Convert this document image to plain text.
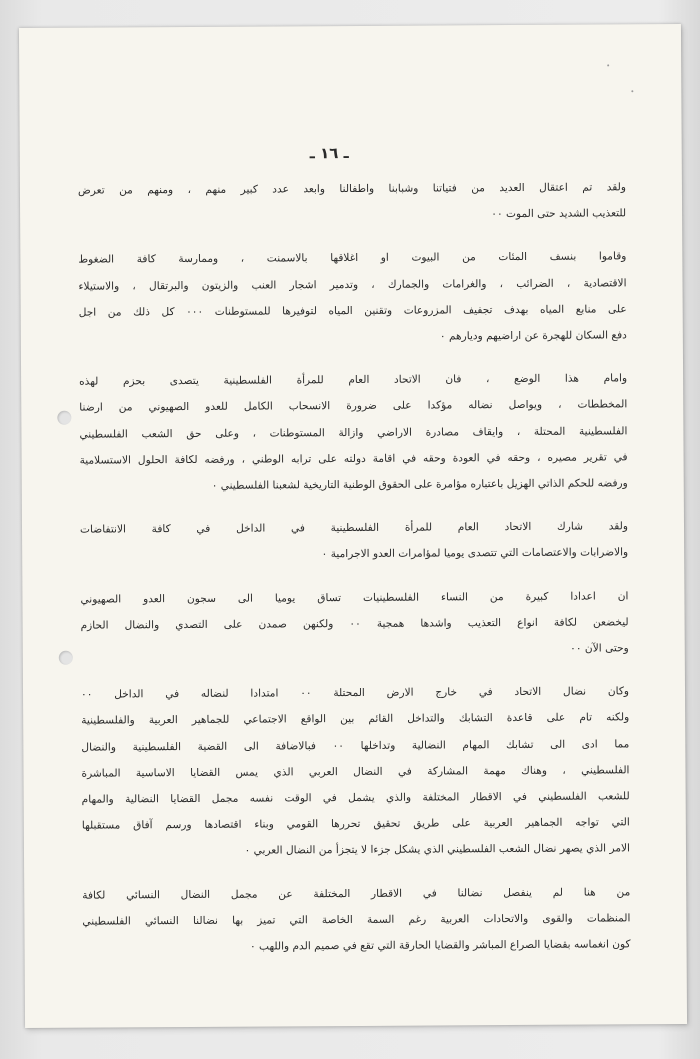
ـ ١٦ ـ
ولقد تم اعتقال العديد من فتياتنا وشبابنا واطفالنا وابعد عدد كبير منهم ، ومنهم من تعرض
للتعذيب الشديد حتى الموت ٠٠
وقاموا بنسف المئات من البيوت او اغلاقها بالاسمنت ، وممارسة كافة الضغوط
الاقتصادية ، الضرائب ، والغرامات والجمارك ، وتدمير اشجار العنب والزيتون والبرتقال ، والاستيلاء
على منابع المياه بهدف تجفيف المزروعات وتقنين المياه لتوفيرها للمستوطنات ٠٠٠ كل ذلك من اجل
دفع السكان للهجرة عن اراضيهم وديارهم ٠
وامام هذا الوضع ، فان الاتحاد العام للمرأة الفلسطينية يتصدى بحزم لهذه
المخططات ، ويواصل نضاله مؤكدا على ضرورة الانسحاب الكامل للعدو الصهيوني من ارضنا
الفلسطينية المحتلة ، وايقاف مصادرة الاراضي وازالة المستوطنات ، وعلى حق الشعب الفلسطيني
في تقرير مصيره ، وحقه في العودة وحقه في اقامة دولته على ترابه الوطني ، ورفضه لكافة الحلول الاستسلامية
ورفضه للحكم الذاتي الهزيل باعتباره مؤامرة على الحقوق الوطنية التاريخية لشعبنا الفلسطيني ٠
ولقد شارك الاتحاد العام للمرأة الفلسطينية في الداخل في كافة الانتفاضات
والاضرابات والاعتصامات التي تتصدى يوميا لمؤامرات العدو الاجرامية ٠
ان اعدادا كبيرة من النساء الفلسطينيات تساق يوميا الى سجون العدو الصهيوني
ليخضعن لكافة انواع التعذيب واشدها همجية ٠٠ ولكنهن صمدن على التصدي والنضال الحازم
وحتى الآن ٠٠
وكان نضال الاتحاد في خارج الارض المحتلة ٠٠ امتدادا لنضاله في الداخل ٠٠
ولكنه تام على قاعدة التشابك والتداخل القائم بين الواقع الاجتماعي للجماهير العربية والفلسطينية
مما ادى الى تشابك المهام النضالية وتداخلها ٠٠ فبالاضافة الى القضية الفلسطينية والنضال
الفلسطيني ، وهناك مهمة المشاركة في النضال العربي الذي يمس القضايا الاساسية المباشرة
للشعب الفلسطيني في الاقطار المختلفة والذي يشمل في الوقت نفسه مجمل القضايا النضالية والمهام
التي تواجه الجماهير العربية على طريق تحقيق تحررها القومي وبناء اقتصادها ورسم آفاق مستقبلها
الامر الذي يصهر نضال الشعب الفلسطيني الذي يشكل جزءا لا يتجزأ من النضال العربي ٠
من هنا لم ينفصل نضالنا في الاقطار المختلفة عن مجمل النضال النسائي لكافة
المنظمات والقوى والاتحادات العربية رغم السمة الخاصة التي تميز بها نضالنا النسائي الفلسطيني
كون انغماسه بقضايا الصراع المباشر والقضايا الحارقة التي تقع في صميم الدم واللهب ٠
